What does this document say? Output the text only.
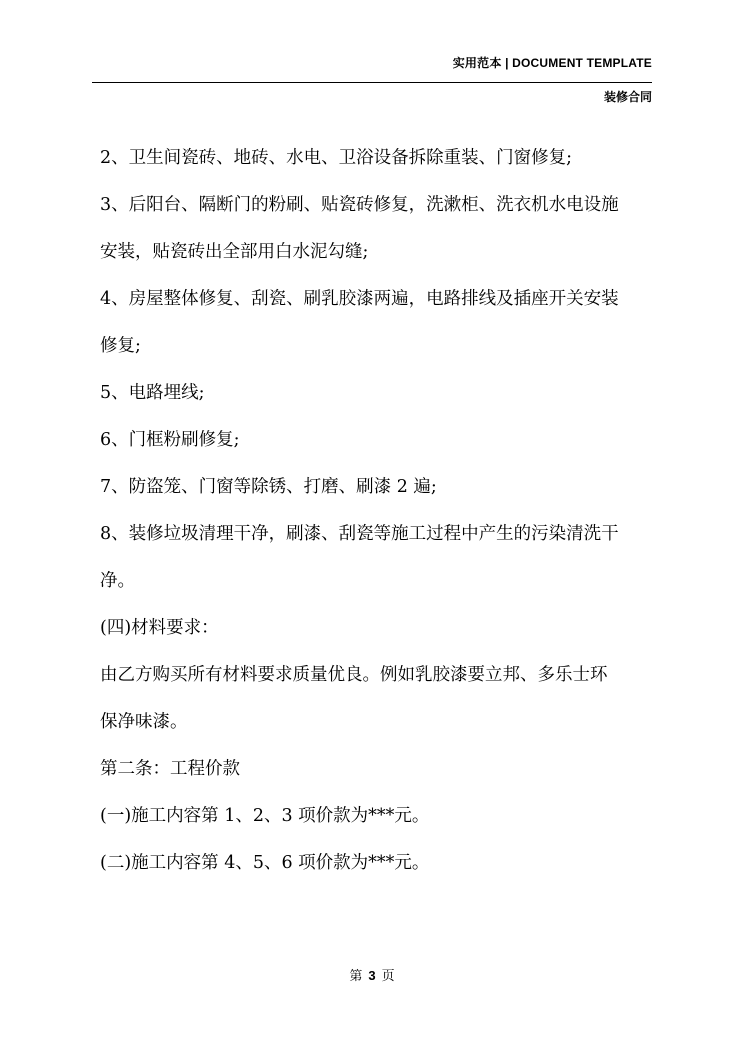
实用范本 | DOCUMENT TEMPLATE
装修合同

2、卫生间瓷砖、地砖、水电、卫浴设备拆除重装、门窗修复;

3、后阳台、隔断门的粉刷、贴瓷砖修复，洗漱柜、洗衣机水电设施

安装，贴瓷砖出全部用白水泥勾缝;

4、房屋整体修复、刮瓷、刷乳胶漆两遍，电路排线及插座开关安装

修复;

5、电路埋线;

6、门框粉刷修复;

7、防盗笼、门窗等除锈、打磨、刷漆 2 遍;

8、装修垃圾清理干净，刷漆、刮瓷等施工过程中产生的污染清洗干

净。

(四)材料要求：

由乙方购买所有材料要求质量优良。例如乳胶漆要立邦、多乐士环

保净味漆。

第二条：工程价款

(一)施工内容第 1、2、3 项价款为***元。

(二)施工内容第 4、5、6 项价款为***元。

第 3 页
